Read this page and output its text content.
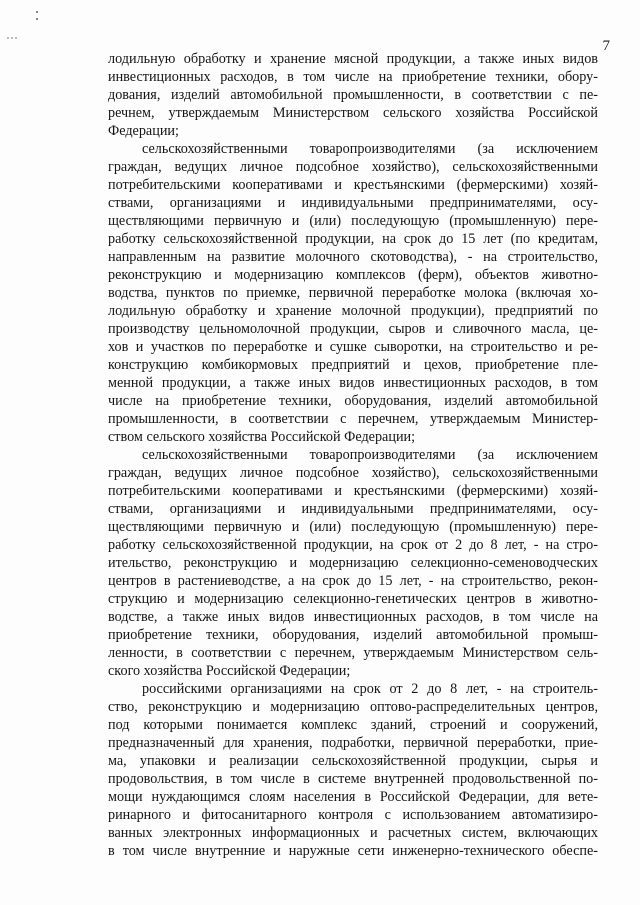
7

лодильную обработку и хранение мясной продукции, а также иных видов
инвестиционных расходов, в том числе на приобретение техники, обору-
дования, изделий автомобильной промышленности, в соответствии с пе-
речнем, утверждаемым Министерством сельского хозяйства Российской
Федерации;

сельскохозяйственными товаропроизводителями (за исключением
граждан, ведущих личное подсобное хозяйство), сельскохозяйственными
потребительскими кооперативами и крестьянскими (фермерскими) хозяй-
ствами, организациями и индивидуальными предпринимателями, осу-
ществляющими первичную и (или) последующую (промышленную) пере-
работку сельскохозяйственной продукции, на срок до 15 лет (по кредитам,
направленным на развитие молочного скотоводства), - на строительство,
реконструкцию и модернизацию комплексов (ферм), объектов животно-
водства, пунктов по приемке, первичной переработке молока (включая хо-
лодильную обработку и хранение молочной продукции), предприятий по
производству цельномолочной продукции, сыров и сливочного масла, це-
хов и участков по переработке и сушке сыворотки, на строительство и ре-
конструкцию комбикормовых предприятий и цехов, приобретение пле-
менной продукции, а также иных видов инвестиционных расходов, в том
числе на приобретение техники, оборудования, изделий автомобильной
промышленности, в соответствии с перечнем, утверждаемым Министер-
ством сельского хозяйства Российской Федерации;

сельскохозяйственными товаропроизводителями (за исключением
граждан, ведущих личное подсобное хозяйство), сельскохозяйственными
потребительскими кооперативами и крестьянскими (фермерскими) хозяй-
ствами, организациями и индивидуальными предпринимателями, осу-
ществляющими первичную и (или) последующую (промышленную) пере-
работку сельскохозяйственной продукции, на срок от 2 до 8 лет, - на стро-
ительство, реконструкцию и модернизацию селекционно-семеноводческих
центров в растениеводстве, а на срок до 15 лет, - на строительство, рекон-
струкцию и модернизацию селекционно-генетических центров в животно-
водстве, а также иных видов инвестиционных расходов, в том числе на
приобретение техники, оборудования, изделий автомобильной промыш-
ленности, в соответствии с перечнем, утверждаемым Министерством сель-
ского хозяйства Российской Федерации;

российскими организациями на срок от 2 до 8 лет, - на строитель-
ство, реконструкцию и модернизацию оптово-распределительных центров,
под которыми понимается комплекс зданий, строений и сооружений,
предназначенный для хранения, подработки, первичной переработки, прие-
ма, упаковки и реализации сельскохозяйственной продукции, сырья и
продовольствия, в том числе в системе внутренней продовольственной по-
мощи нуждающимся слоям населения в Российской Федерации, для вете-
ринарного и фитосанитарного контроля с использованием автоматизиро-
ванных электронных информационных и расчетных систем, включающих
в том числе внутренние и наружные сети инженерно-технического обеспе-
